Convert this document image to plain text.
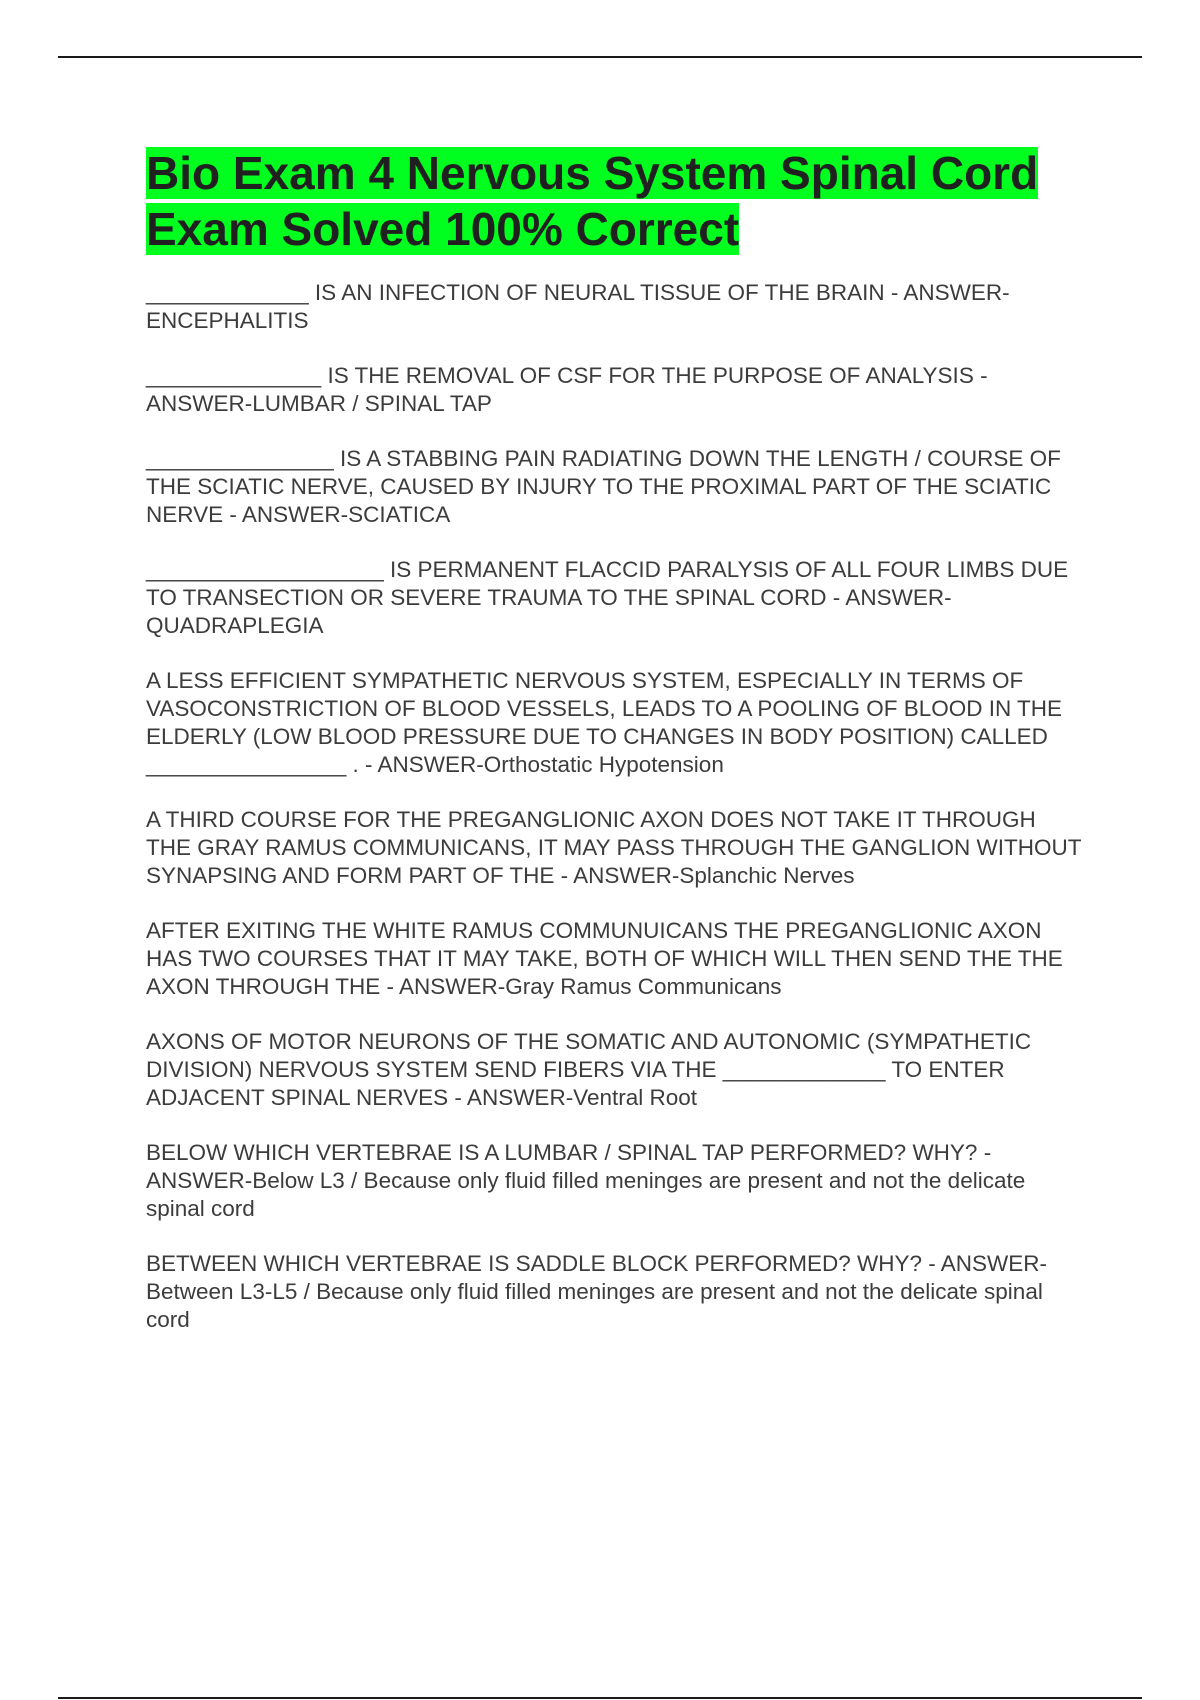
Bio Exam 4 Nervous System Spinal Cord Exam Solved 100% Correct

_____________ IS AN INFECTION OF NEURAL TISSUE OF THE BRAIN - ANSWER-ENCEPHALITIS

______________ IS THE REMOVAL OF CSF FOR THE PURPOSE OF ANALYSIS - ANSWER-LUMBAR / SPINAL TAP

_______________ IS A STABBING PAIN RADIATING DOWN THE LENGTH / COURSE OF THE SCIATIC NERVE, CAUSED BY INJURY TO THE PROXIMAL PART OF THE SCIATIC NERVE - ANSWER-SCIATICA

___________________ IS PERMANENT FLACCID PARALYSIS OF ALL FOUR LIMBS DUE TO TRANSECTION OR SEVERE TRAUMA TO THE SPINAL CORD - ANSWER-QUADRAPLEGIA

A LESS EFFICIENT SYMPATHETIC NERVOUS SYSTEM, ESPECIALLY IN TERMS OF VASOCONSTRICTION OF BLOOD VESSELS, LEADS TO A POOLING OF BLOOD IN THE ELDERLY (LOW BLOOD PRESSURE DUE TO CHANGES IN BODY POSITION) CALLED ________________ . - ANSWER-Orthostatic Hypotension

A THIRD COURSE FOR THE PREGANGLIONIC AXON DOES NOT TAKE IT THROUGH THE GRAY RAMUS COMMUNICANS, IT MAY PASS THROUGH THE GANGLION WITHOUT SYNAPSING AND FORM PART OF THE - ANSWER-Splanchic Nerves

AFTER EXITING THE WHITE RAMUS COMMUNUICANS THE PREGANGLIONIC AXON HAS TWO COURSES THAT IT MAY TAKE, BOTH OF WHICH WILL THEN SEND THE THE AXON THROUGH THE - ANSWER-Gray Ramus Communicans

AXONS OF MOTOR NEURONS OF THE SOMATIC AND AUTONOMIC (SYMPATHETIC DIVISION) NERVOUS SYSTEM SEND FIBERS VIA THE _____________ TO ENTER ADJACENT SPINAL NERVES - ANSWER-Ventral Root

BELOW WHICH VERTEBRAE IS A LUMBAR / SPINAL TAP PERFORMED? WHY? - ANSWER-Below L3 / Because only fluid filled meninges are present and not the delicate spinal cord

BETWEEN WHICH VERTEBRAE IS SADDLE BLOCK PERFORMED? WHY? - ANSWER-Between L3-L5 / Because only fluid filled meninges are present and not the delicate spinal cord
